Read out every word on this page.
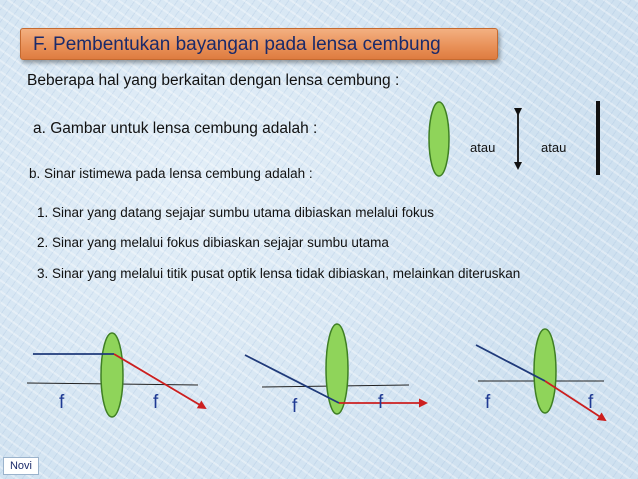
F. Pembentukan bayangan pada lensa cembung
Beberapa hal yang berkaitan dengan lensa cembung :
a. Gambar untuk lensa cembung adalah :
atau	atau
b. Sinar istimewa pada lensa cembung adalah :
1. Sinar yang datang sejajar sumbu utama dibiaskan melalui fokus
2. Sinar yang melalui fokus dibiaskan sejajar sumbu utama
3. Sinar yang melalui titik pusat optik lensa tidak dibiaskan, melainkan diteruskan
f	f	f	f	f	f
Novi
